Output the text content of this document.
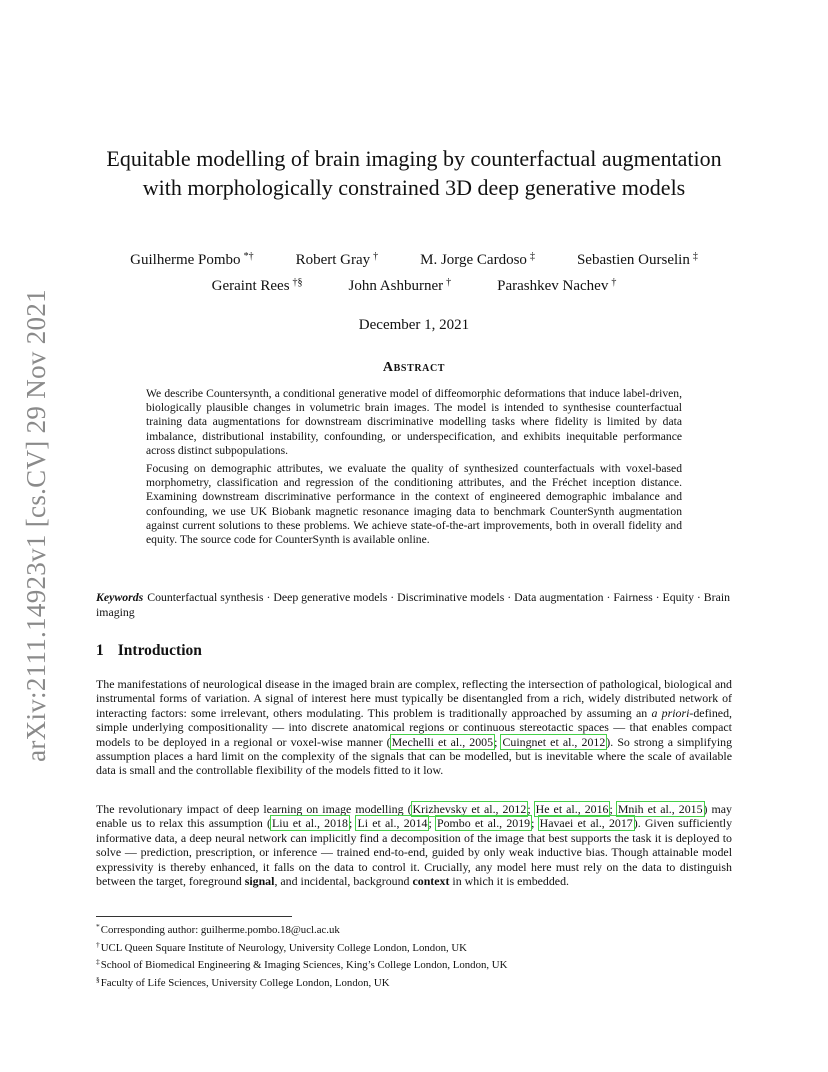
arXiv:2111.14923v1 [cs.CV] 29 Nov 2021
Equitable modelling of brain imaging by counterfactual augmentation with morphologically constrained 3D deep generative models
Guilherme Pombo *†	Robert Gray †	M. Jorge Cardoso ‡	Sebastien Ourselin ‡
Geraint Rees †§	John Ashburner †	Parashkev Nachev †
December 1, 2021
Abstract

We describe Countersynth, a conditional generative model of diffeomorphic deformations that induce label-driven, biologically plausible changes in volumetric brain images. The model is intended to synthesise counterfactual training data augmentations for downstream discriminative modelling tasks where fidelity is limited by data imbalance, distributional instability, confounding, or underspecification, and exhibits inequitable performance across distinct subpopulations.

Focusing on demographic attributes, we evaluate the quality of synthesized counterfactuals with voxel-based morphometry, classification and regression of the conditioning attributes, and the Fréchet inception distance. Examining downstream discriminative performance in the context of engineered demographic imbalance and confounding, we use UK Biobank magnetic resonance imaging data to benchmark CounterSynth augmentation against current solutions to these problems. We achieve state-of-the-art improvements, both in overall fidelity and equity. The source code for CounterSynth is available online.

Keywords Counterfactual synthesis · Deep generative models · Discriminative models · Data augmentation · Fairness · Equity · Brain imaging
1 Introduction

The manifestations of neurological disease in the imaged brain are complex, reflecting the intersection of pathological, biological and instrumental forms of variation. A signal of interest here must typically be disentangled from a rich, widely distributed network of interacting factors: some irrelevant, others modulating. This problem is traditionally approached by assuming an a priori-defined, simple underlying compositionality — into discrete anatomical regions or continuous stereotactic spaces — that enables compact models to be deployed in a regional or voxel-wise manner (Mechelli et al., 2005; Cuingnet et al., 2012). So strong a simplifying assumption places a hard limit on the complexity of the signals that can be modelled, but is inevitable where the scale of available data is small and the controllable flexibility of the models fitted to it low.

The revolutionary impact of deep learning on image modelling (Krizhevsky et al., 2012; He et al., 2016; Mnih et al., 2015) may enable us to relax this assumption (Liu et al., 2018; Li et al., 2014; Pombo et al., 2019; Havaei et al., 2017). Given sufficiently informative data, a deep neural network can implicitly find a decomposition of the image that best supports the task it is deployed to solve — prediction, prescription, or inference — trained end-to-end, guided by only weak inductive bias. Though attainable model expressivity is thereby enhanced, it falls on the data to control it. Crucially, any model here must rely on the data to distinguish between the target, foreground signal, and incidental, background context in which it is embedded.

*Corresponding author: guilherme.pombo.18@ucl.ac.uk
†UCL Queen Square Institute of Neurology, University College London, London, UK
‡School of Biomedical Engineering & Imaging Sciences, King’s College London, London, UK
§Faculty of Life Sciences, University College London, London, UK
